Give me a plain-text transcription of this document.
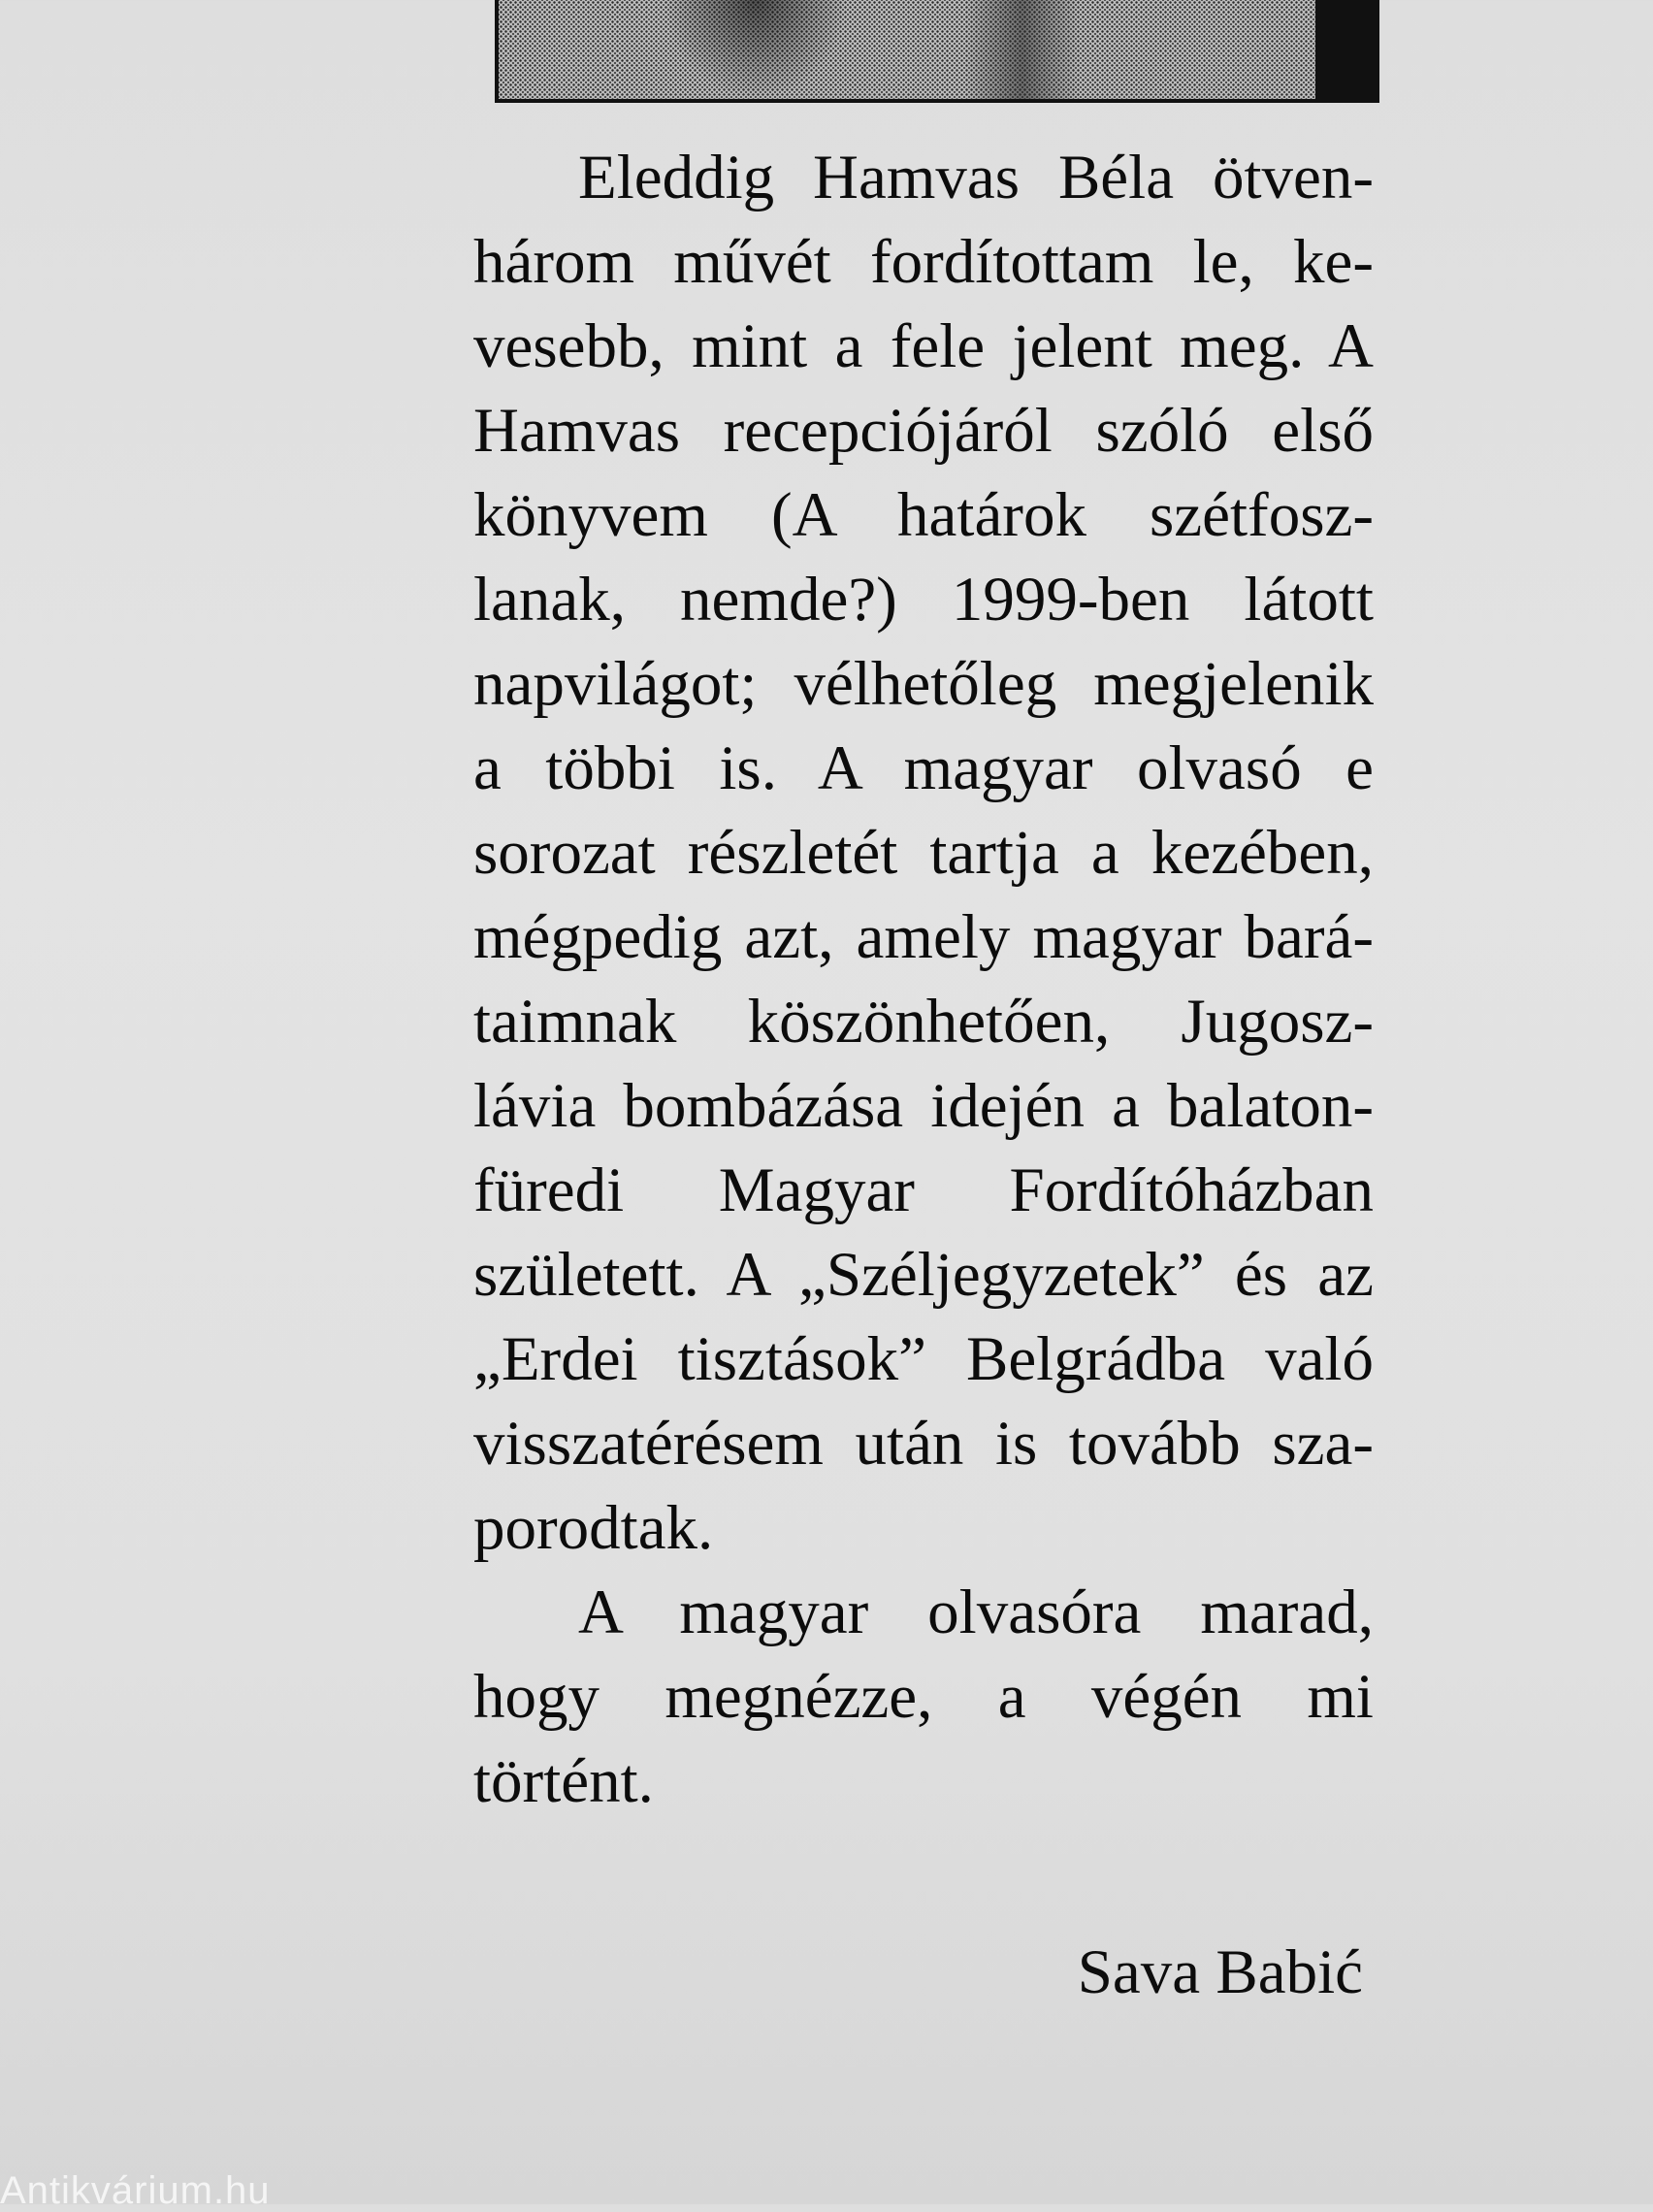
Eleddig Hamvas Béla ötven-
három művét fordítottam le, ke-
vesebb, mint a fele jelent meg. A
Hamvas recepciójáról szóló első
könyvem (A határok szétfosz-
lanak, nemde?) 1999-ben látott
napvilágot; vélhetőleg megjelenik
a többi is. A magyar olvasó e
sorozat részletét tartja a kezében,
mégpedig azt, amely magyar bará-
taimnak köszönhetően, Jugosz-
lávia bombázása idején a balaton-
füredi Magyar Fordítóházban
született. A „Széljegyzetek” és az
„Erdei tisztások” Belgrádba való
visszatérésem után is tovább sza-
porodtak.

A magyar olvasóra marad,
hogy megnézze, a végén mi
történt.

Sava Babić
Antikvárium.hu
